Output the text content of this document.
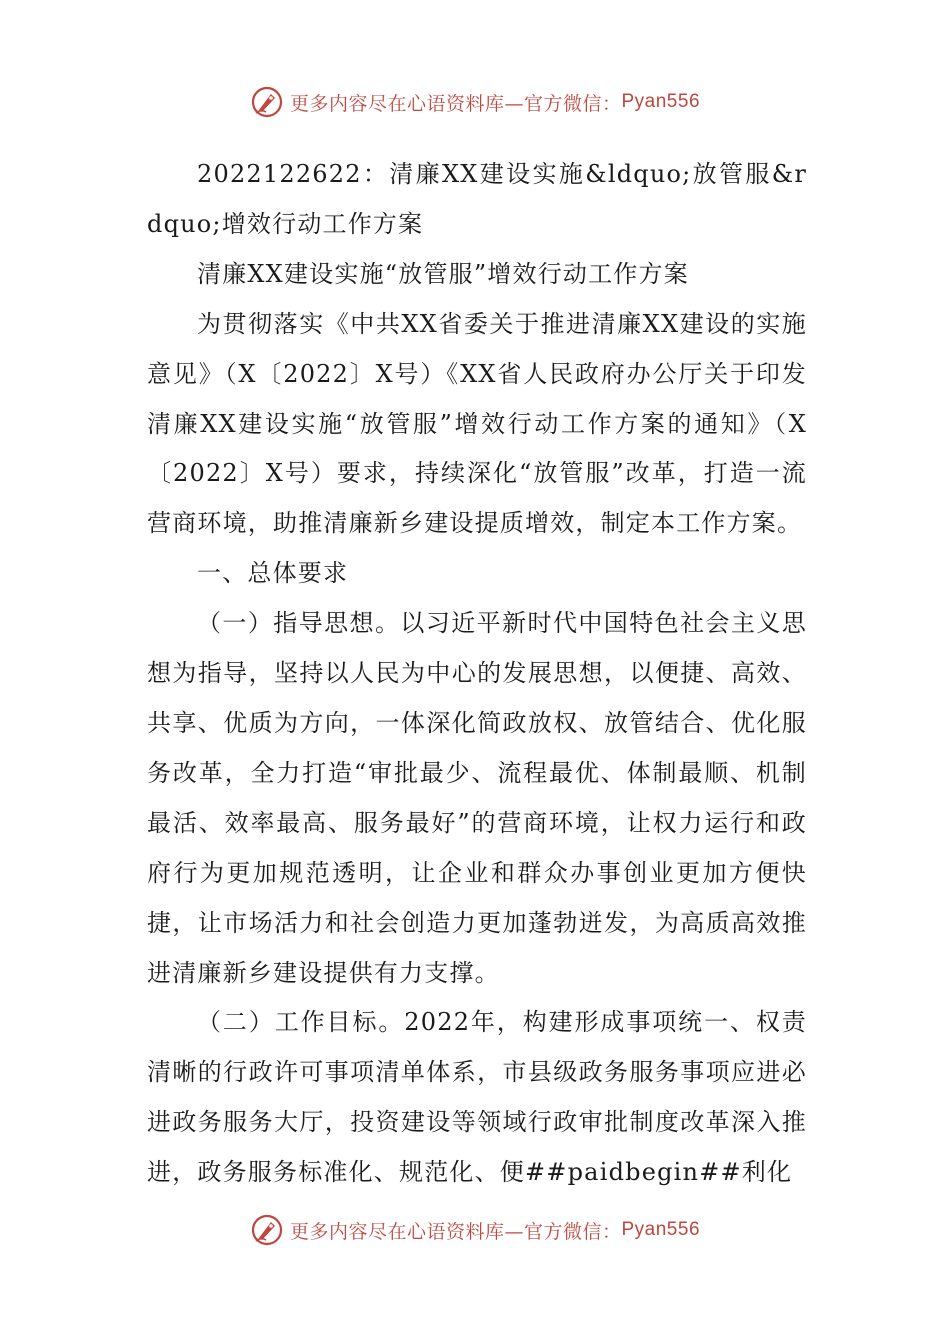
更多内容尽在心语资料库—官方微信： Pyan556

2022122622：清廉XX建设实施&ldquo;放管服&rdquo;增效行动工作方案

清廉XX建设实施“放管服”增效行动工作方案

为贯彻落实《中共XX省委关于推进清廉XX建设的实施意见》（X〔2022〕X号）《XX省人民政府办公厅关于印发清廉XX建设实施“放管服”增效行动工作方案的通知》（X〔2022〕X号）要求，持续深化“放管服”改革，打造一流营商环境，助推清廉新乡建设提质增效，制定本工作方案。

一、总体要求

（一）指导思想。以习近平新时代中国特色社会主义思想为指导，坚持以人民为中心的发展思想，以便捷、高效、共享、优质为方向，一体深化简政放权、放管结合、优化服务改革，全力打造“审批最少、流程最优、体制最顺、机制最活、效率最高、服务最好”的营商环境，让权力运行和政府行为更加规范透明，让企业和群众办事创业更加方便快捷，让市场活力和社会创造力更加蓬勃迸发，为高质高效推进清廉新乡建设提供有力支撑。

（二）工作目标。2022年，构建形成事项统一、权责清晰的行政许可事项清单体系，市县级政务服务事项应进必进政务服务大厅，投资建设等领域行政审批制度改革深入推进，政务服务标准化、规范化、便##paidbegin##利化

更多内容尽在心语资料库—官方微信： Pyan556
